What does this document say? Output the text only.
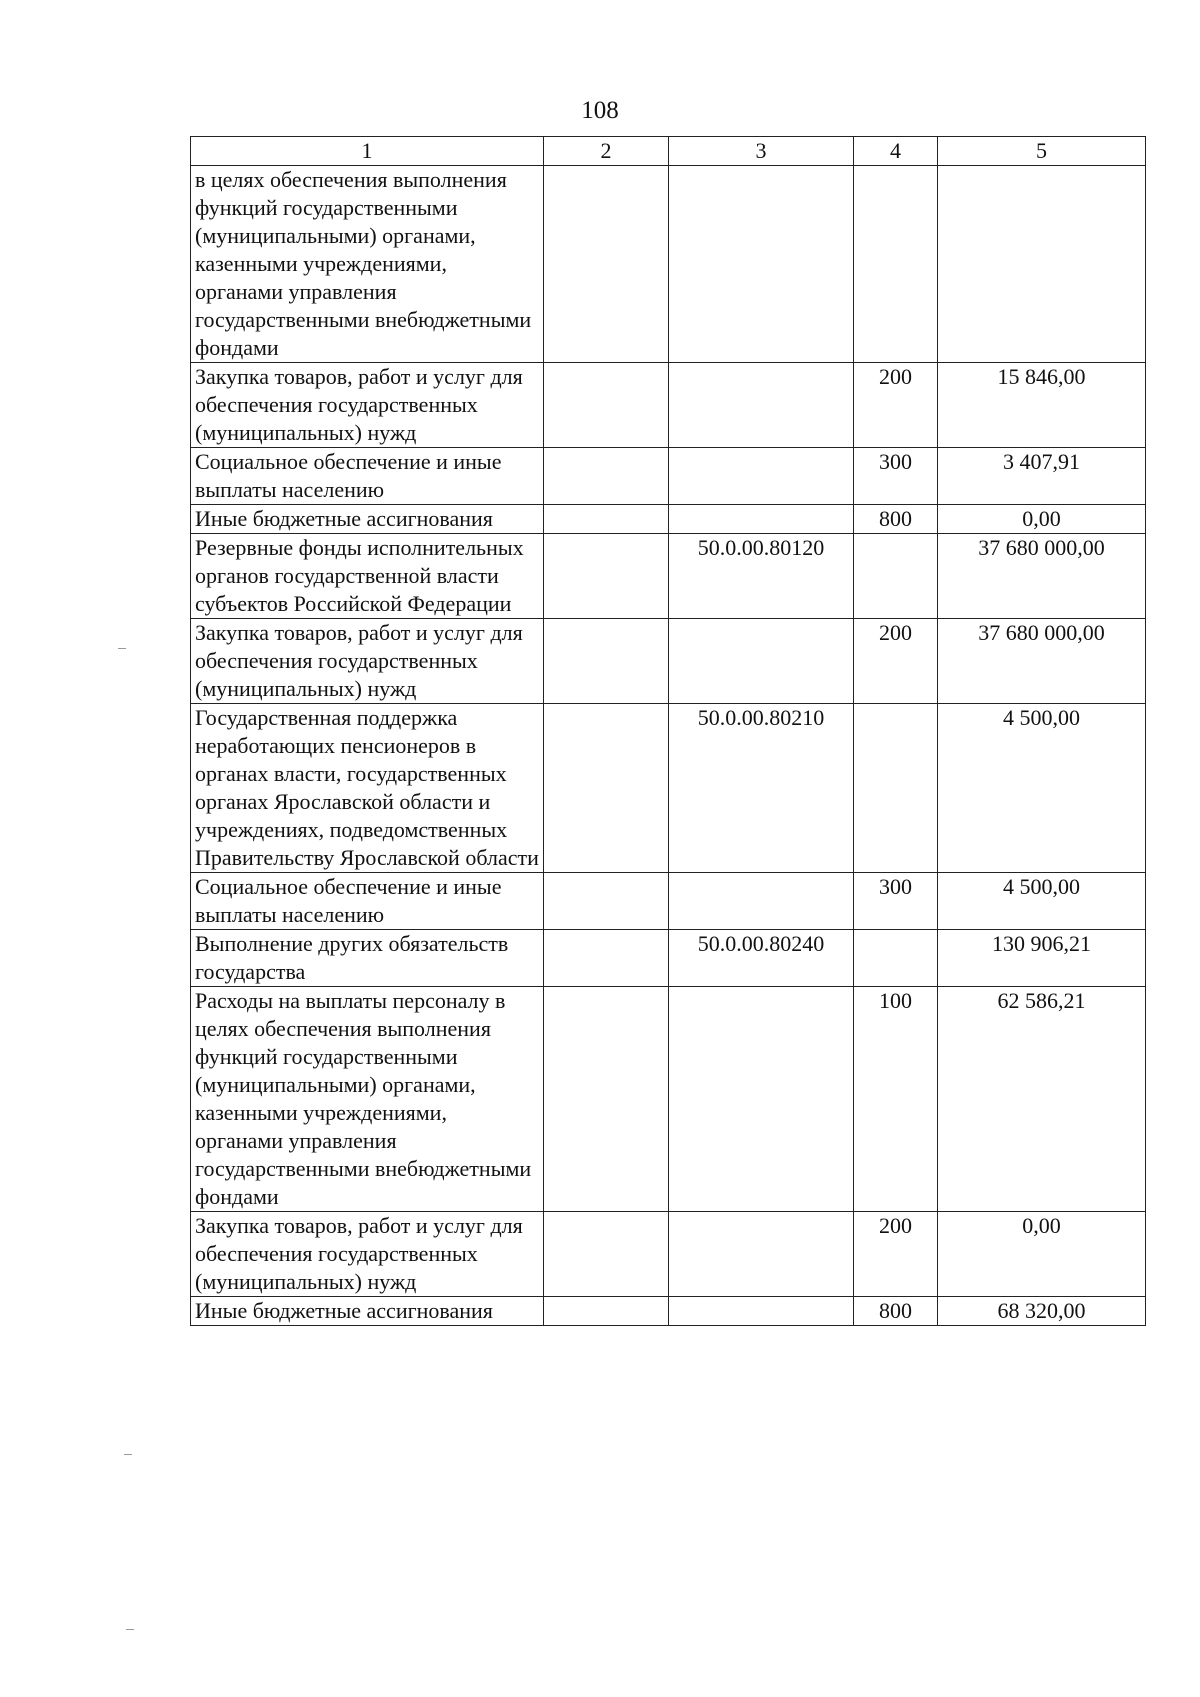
108
1	2	3	4	5
в целях обеспечения выполнения функций государственными (муниципальными) органами, казенными учреждениями, органами управления государственными внебюджетными фондами				
Закупка товаров, работ и услуг для обеспечения государственных (муниципальных) нужд			200	15 846,00
Социальное обеспечение и иные выплаты населению			300	3 407,91
Иные бюджетные ассигнования			800	0,00
Резервные фонды исполнительных органов государственной власти субъектов Российской Федерации		50.0.00.80120		37 680 000,00
Закупка товаров, работ и услуг для обеспечения государственных (муниципальных) нужд			200	37 680 000,00
Государственная поддержка неработающих пенсионеров в органах власти, государственных органах Ярославской области и учреждениях, подведомственных Правительству Ярославской области		50.0.00.80210		4 500,00
Социальное обеспечение и иные выплаты населению			300	4 500,00
Выполнение других обязательств государства		50.0.00.80240		130 906,21
Расходы на выплаты персоналу в целях обеспечения выполнения функций государственными (муниципальными) органами, казенными учреждениями, органами управления государственными внебюджетными фондами			100	62 586,21
Закупка товаров, работ и услуг для обеспечения государственных (муниципальных) нужд			200	0,00
Иные бюджетные ассигнования			800	68 320,00
